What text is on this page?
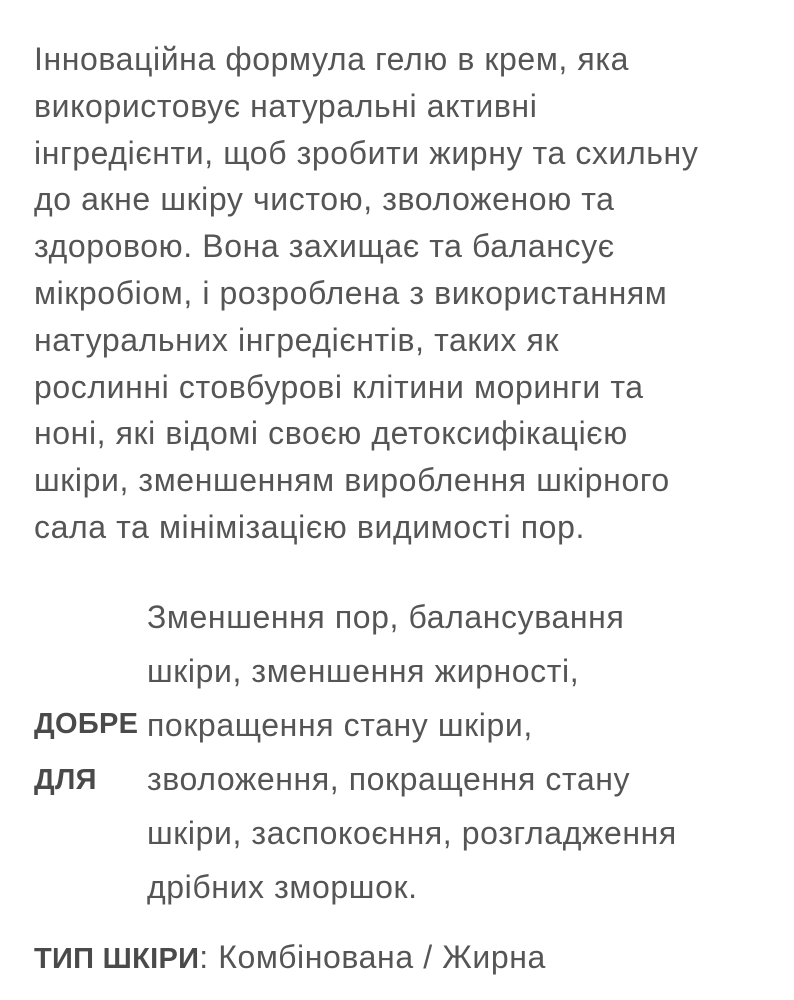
Інноваційна формула гелю в крем, яка
використовує натуральні активні
інгредієнти, щоб зробити жирну та схильну
до акне шкіру чистою, зволоженою та
здоровою. Вона захищає та балансує
мікробіом, і розроблена з використанням
натуральних інгредієнтів, таких як
рослинні стовбурові клітини моринги та
ноні, які відомі своєю детоксифікацією
шкіри, зменшенням вироблення шкірного
сала та мінімізацією видимості пор.

ДОБРЕ
ДЛЯ
Зменшення пор, балансування
шкіри, зменшення жирності,
покращення стану шкіри,
зволоження, покращення стану
шкіри, заспокоєння, розгладження
дрібних зморшок.
ТИП ШКІРИ: Комбінована / Жирна
